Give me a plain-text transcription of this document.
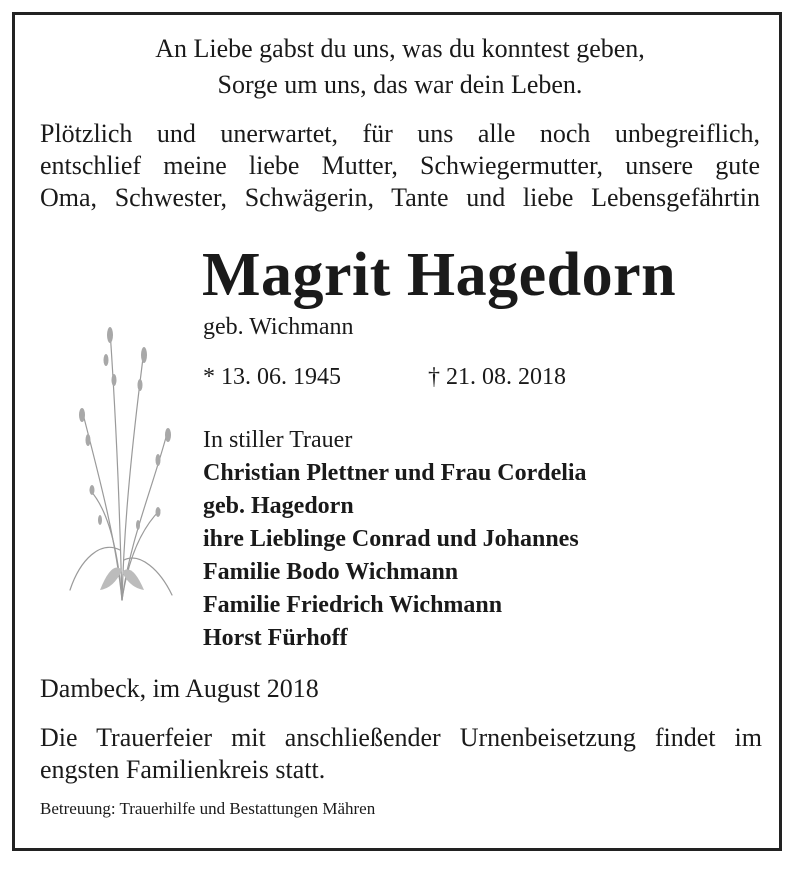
An Liebe gabst du uns, was du konntest geben,
Sorge um uns, das war dein Leben.
Plötzlich und unerwartet, für uns alle noch unbegreiflich,
entschlief meine liebe Mutter, Schwiegermutter, unsere gute
Oma, Schwester, Schwägerin, Tante und liebe Lebensgefährtin
Magrit Hagedorn
geb. Wichmann
* 13. 06. 1945	† 21. 08. 2018
In stiller Trauer
Christian Plettner und Frau Cordelia
geb. Hagedorn
ihre Lieblinge Conrad und Johannes
Familie Bodo Wichmann
Familie Friedrich Wichmann
Horst Fürhoff
Dambeck, im August 2018
Die Trauerfeier mit anschließender Urnenbeisetzung findet im
engsten Familienkreis statt.
Betreuung: Trauerhilfe und Bestattungen Mähren
